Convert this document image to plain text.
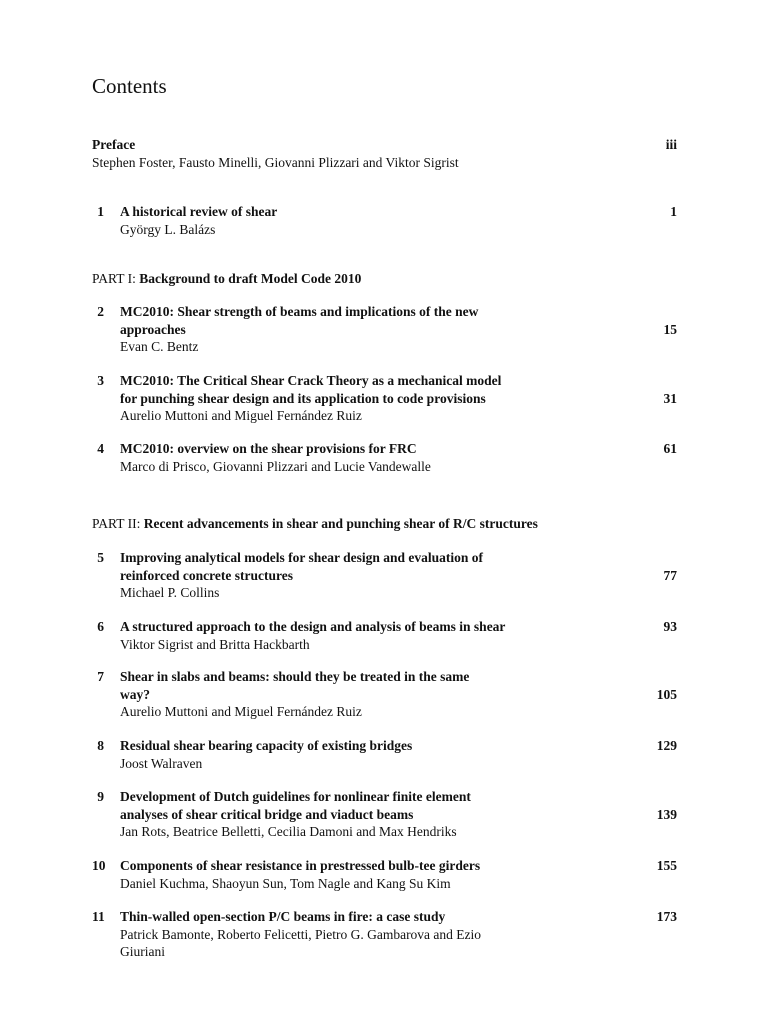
Contents
Preface
Stephen Foster, Fausto Minelli, Giovanni Plizzari and Viktor Sigrist
iii
1 A historical review of shear
György L. Balázs
1
PART I: Background to draft Model Code 2010
2 MC2010: Shear strength of beams and implications of the new
approaches
Evan C. Bentz
15
3 MC2010: The Critical Shear Crack Theory as a mechanical model
for punching shear design and its application to code provisions
Aurelio Muttoni and Miguel Fernández Ruiz
31
4 MC2010: overview on the shear provisions for FRC
Marco di Prisco, Giovanni Plizzari and Lucie Vandewalle
61
PART II: Recent advancements in shear and punching shear of R/C structures
5 Improving analytical models for shear design and evaluation of
reinforced concrete structures
Michael P. Collins
77
6 A structured approach to the design and analysis of beams in shear
Viktor Sigrist and Britta Hackbarth
93
7 Shear in slabs and beams: should they be treated in the same
way?
Aurelio Muttoni and Miguel Fernández Ruiz
105
8 Residual shear bearing capacity of existing bridges
Joost Walraven
129
9 Development of Dutch guidelines for nonlinear finite element
analyses of shear critical bridge and viaduct beams
Jan Rots, Beatrice Belletti, Cecilia Damoni and Max Hendriks
139
10 Components of shear resistance in prestressed bulb-tee girders
Daniel Kuchma, Shaoyun Sun, Tom Nagle and Kang Su Kim
155
11 Thin-walled open-section P/C beams in fire: a case study
Patrick Bamonte, Roberto Felicetti, Pietro G. Gambarova and Ezio
Giuriani
173
